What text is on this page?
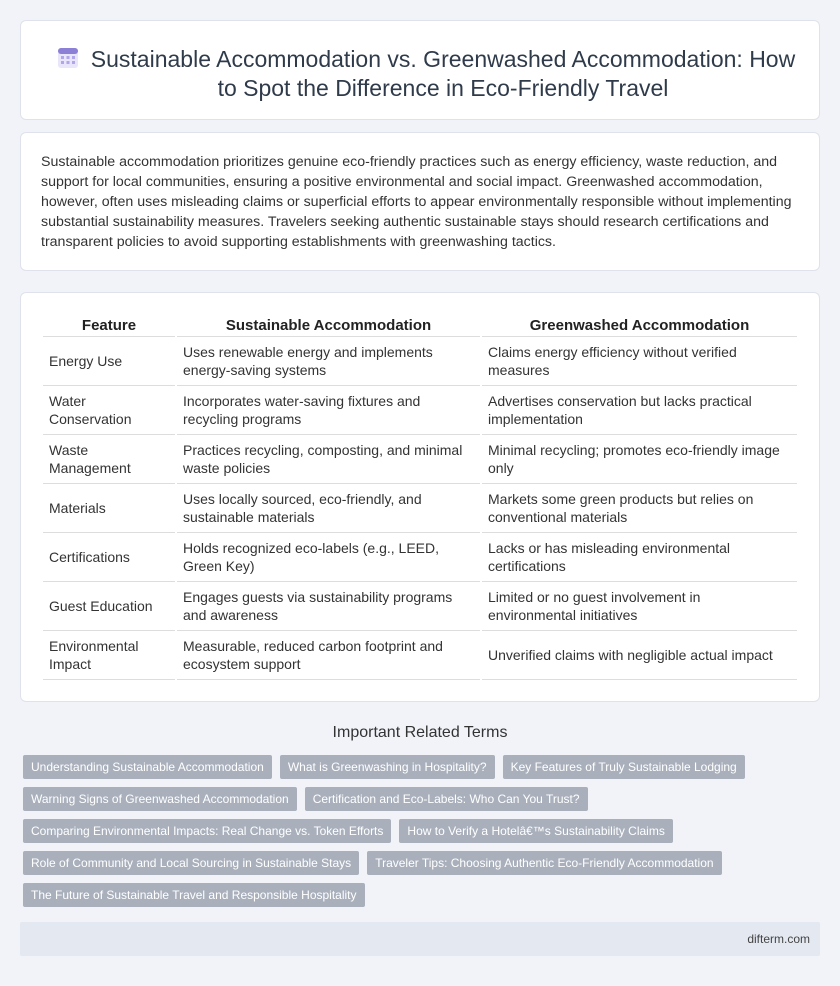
Sustainable Accommodation vs. Greenwashed Accommodation: How to Spot the Difference in Eco-Friendly Travel

Sustainable accommodation prioritizes genuine eco-friendly practices such as energy efficiency, waste reduction, and support for local communities, ensuring a positive environmental and social impact. Greenwashed accommodation, however, often uses misleading claims or superficial efforts to appear environmentally responsible without implementing substantial sustainability measures. Travelers seeking authentic sustainable stays should research certifications and transparent policies to avoid supporting establishments with greenwashing tactics.

Feature	Sustainable Accommodation	Greenwashed Accommodation
Energy Use	Uses renewable energy and implements energy-saving systems	Claims energy efficiency without verified measures
Water Conservation	Incorporates water-saving fixtures and recycling programs	Advertises conservation but lacks practical implementation
Waste Management	Practices recycling, composting, and minimal waste policies	Minimal recycling; promotes eco-friendly image only
Materials	Uses locally sourced, eco-friendly, and sustainable materials	Markets some green products but relies on conventional materials
Certifications	Holds recognized eco-labels (e.g., LEED, Green Key)	Lacks or has misleading environmental certifications
Guest Education	Engages guests via sustainability programs and awareness	Limited or no guest involvement in environmental initiatives
Environmental Impact	Measurable, reduced carbon footprint and ecosystem support	Unverified claims with negligible actual impact
Important Related Terms
Understanding Sustainable Accommodation	What is Greenwashing in Hospitality?	Key Features of Truly Sustainable Lodging
Warning Signs of Greenwashed Accommodation	Certification and Eco-Labels: Who Can You Trust?
Comparing Environmental Impacts: Real Change vs. Token Efforts	How to Verify a Hotelâ€™s Sustainability Claims
Role of Community and Local Sourcing in Sustainable Stays	Traveler Tips: Choosing Authentic Eco-Friendly Accommodation
The Future of Sustainable Travel and Responsible Hospitality
difterm.com
